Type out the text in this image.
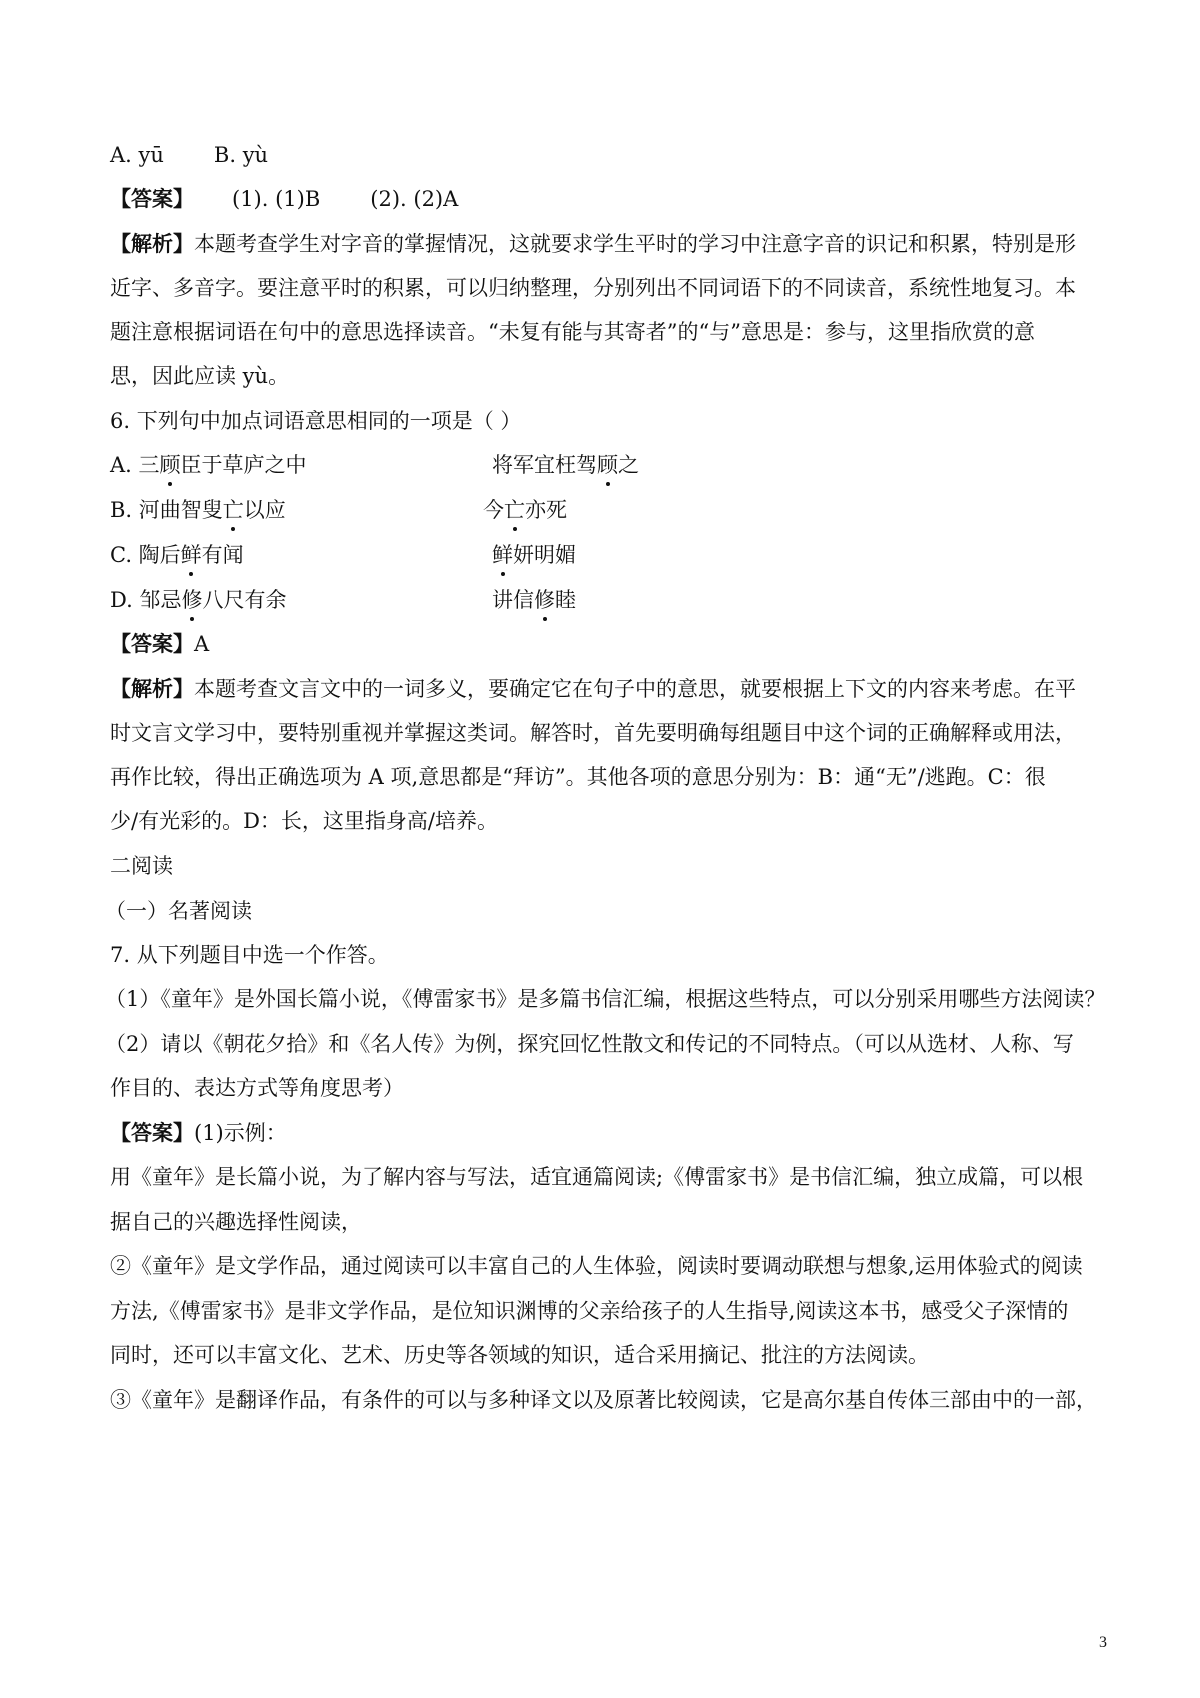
A. yū B. yù
【答案】 (1). (1)B (2). (2)A
【解析】本题考查学生对字音的掌握情况，这就要求学生平时的学习中注意字音的识记和积累，特别是形
近字、多音字。要注意平时的积累，可以归纳整理，分别列出不同词语下的不同读音，系统性地复习。本
题注意根据词语在句中的意思选择读音。“未复有能与其寄者”的“与”意思是：参与，这里指欣赏的意
思，因此应读 yù。
6. 下列句中加点词语意思相同的一项是（ ）
A. 三顾臣于草庐之中	将军宜枉驾顾之
B. 河曲智叟亡以应	今亡亦死
C. 陶后鲜有闻	鲜妍明媚
D. 邹忌修八尺有余	讲信修睦
【答案】A
【解析】本题考查文言文中的一词多义，要确定它在句子中的意思，就要根据上下文的内容来考虑。在平
时文言文学习中，要特别重视并掌握这类词。解答时，首先要明确每组题目中这个词的正确解释或用法，
再作比较，得出正确选项为 A 项,意思都是“拜访”。其他各项的意思分别为：B：通“无”/逃跑。C：很
少/有光彩的。D：长，这里指身高/培养。
二阅读
（一）名著阅读
7. 从下列题目中选一个作答。
（1）《童年》是外国长篇小说，《傅雷家书》是多篇书信汇编，根据这些特点，可以分别采用哪些方法阅读？
（2）请以《朝花夕拾》和《名人传》为例，探究回忆性散文和传记的不同特点。（可以从选材、人称、写
作目的、表达方式等角度思考）
【答案】(1)示例：
用《童年》是长篇小说，为了解内容与写法，适宜通篇阅读;《傅雷家书》是书信汇编，独立成篇，可以根
据自己的兴趣选择性阅读，
②《童年》是文学作品，通过阅读可以丰富自己的人生体验，阅读时要调动联想与想象,运用体验式的阅读
方法,《傅雷家书》是非文学作品，是位知识渊博的父亲给孩子的人生指导,阅读这本书，感受父子深情的
同时，还可以丰富文化、艺术、历史等各领域的知识，适合采用摘记、批注的方法阅读。
③《童年》是翻译作品，有条件的可以与多种译文以及原著比较阅读，它是高尔基自传体三部由中的一部，
3
